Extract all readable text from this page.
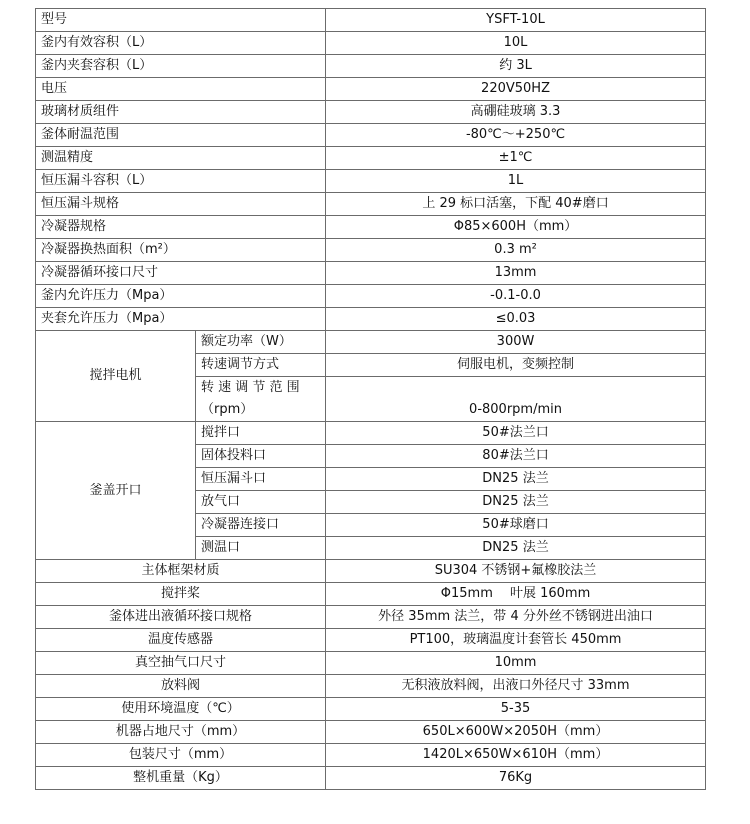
型号		YSFT-10L
釜内有效容积（L）		10L
釜内夹套容积（L）		约 3L
电压		220V50HZ
玻璃材质组件		高硼硅玻璃 3.3
釜体耐温范围		-80℃～+250℃
测温精度		±1℃
恒压漏斗容积（L）		1L
恒压漏斗规格		上 29 标口活塞，下配 40#磨口
冷凝器规格		Φ85×600H（mm）
冷凝器换热面积（m²）		0.3 m²
冷凝器循环接口尺寸		13mm
釜内允许压力（Mpa）		-0.1-0.0
夹套允许压力（Mpa）		≤0.03
搅拌电机	额定功率（W）	300W
	转速调节方式	伺服电机，变频控制

	转 速 调 节 范 围
（rpm）	0-800rpm/min
釜盖开口	搅拌口	50#法兰口
	固体投料口	80#法兰口
	恒压漏斗口	DN25 法兰
	放气口	DN25 法兰
	冷凝器连接口	50#球磨口
	测温口	DN25 法兰
主体框架材质		SU304 不锈钢+氟橡胶法兰
搅拌桨		Φ15mm　 叶展 160mm
釜体进出液循环接口规格		外径 35mm 法兰，带 4 分外丝不锈钢进出油口
温度传感器		PT100，玻璃温度计套管长 450mm
真空抽气口尺寸		10mm
放料阀		无积液放料阀，出液口外径尺寸 33mm
使用环境温度（℃）		5-35
机器占地尺寸（mm）		650L×600W×2050H（mm）
包装尺寸（mm）		1420L×650W×610H（mm）
整机重量（Kg）		76Kg
